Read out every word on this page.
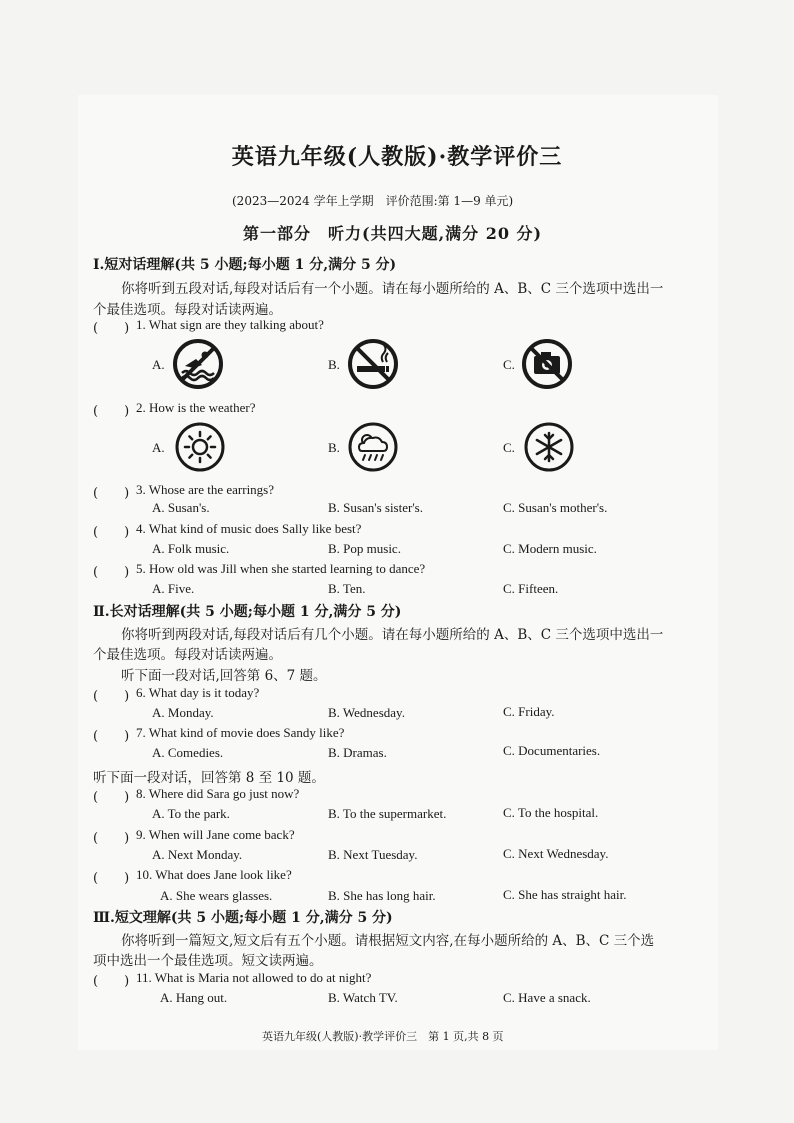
英语九年级(人教版)·教学评价三
(2023—2024 学年上学期　评价范围:第 1—9 单元)
第一部分　听力(共四大题,满分 20 分)
Ⅰ.短对话理解(共 5 小题;每小题 1 分,满分 5 分)
你将听到五段对话,每段对话后有一个小题。请在每小题所给的 A、B、C 三个选项中选出一
个最佳选项。每段对话读两遍。
(　　) 1. What sign are they talking about?
A.	B.	C.
(　　) 2. How is the weather?
A.	B.	C.
(　　) 3. Whose are the earrings?
A. Susan's.	B. Susan's sister's.	C. Susan's mother's.
(　　) 4. What kind of music does Sally like best?
A. Folk music.	B. Pop music.	C. Modern music.
(　　) 5. How old was Jill when she started learning to dance?
A. Five.	B. Ten.	C. Fifteen.
Ⅱ.长对话理解(共 5 小题;每小题 1 分,满分 5 分)
你将听到两段对话,每段对话后有几个小题。请在每小题所给的 A、B、C 三个选项中选出一
个最佳选项。每段对话读两遍。
听下面一段对话,回答第 6、7 题。
(　　) 6. What day is it today?
A. Monday.	B. Wednesday.	C. Friday.
(　　) 7. What kind of movie does Sandy like?
A. Comedies.	B. Dramas.	C. Documentaries.
听下面一段对话，回答第 8 至 10 题。
(　　) 8. Where did Sara go just now?
A. To the park.	B. To the supermarket.	C. To the hospital.
(　　) 9. When will Jane come back?
A. Next Monday.	B. Next Tuesday.	C. Next Wednesday.
(　　) 10. What does Jane look like?
A. She wears glasses.	B. She has long hair.	C. She has straight hair.
Ⅲ.短文理解(共 5 小题;每小题 1 分,满分 5 分)
你将听到一篇短文,短文后有五个小题。请根据短文内容,在每小题所给的 A、B、C 三个选
项中选出一个最佳选项。短文读两遍。
(　　) 11. What is Maria not allowed to do at night?
A. Hang out.	B. Watch TV.	C. Have a snack.
英语九年级(人教版)·教学评价三　第 1 页,共 8 页
